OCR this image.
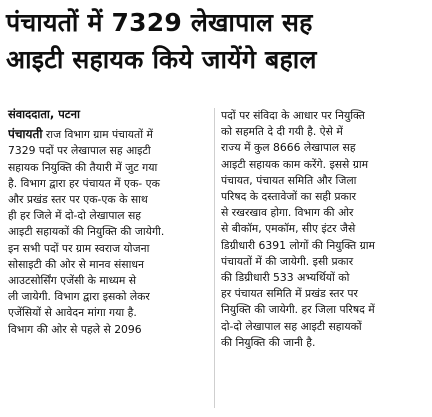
पंचायतों में 7329 लेखापाल सह
आइटी सहायक किये जायेंगे बहाल
संवाददाता, पटना

पंचायती राज विभाग ग्राम पंचायतों में
7329 पदों पर लेखापाल सह आइटी
सहायक नियुक्ति की तैयारी में जुट गया
है. विभाग द्वारा हर पंचायत में एक- एक
और प्रखंड स्तर पर एक-एक के साथ
ही हर जिले में दो-दो लेखापाल सह
आइटी सहायकों की नियुक्ति की जायेगी.
इन सभी पदों पर ग्राम स्वराज योजना
सोसाइटी की ओर से मानव संसाधन
आउटसोर्सिंग एजेंसी के माध्यम से
ली जायेगी. विभाग द्वारा इसको लेकर
एजेंसियों से आवेदन मांगा गया है.
विभाग की ओर से पहले से 2096

पदों पर संविदा के आधार पर नियुक्ति
को सहमति दे दी गयी है. ऐसे में
राज्य में कुल 8666 लेखापाल सह
आइटी सहायक काम करेंगे. इससे ग्राम
पंचायत, पंचायत समिति और जिला
परिषद के दस्तावेजों का सही प्रकार
से रखरखाव होगा. विभाग की ओर
से बीकॉम, एमकॉम, सीए इंटर जैसे
डिग्रीधारी 6391 लोगों की नियुक्ति ग्राम
पंचायतों में की जायेगी. इसी प्रकार
की डिग्रीधारी 533 अभ्यर्थियों को
हर पंचायत समिति में प्रखंड स्तर पर
नियुक्ति की जायेगी. हर जिला परिषद में
दो-दो लेखापाल सह आइटी सहायकों
की नियुक्ति की जानी है.
